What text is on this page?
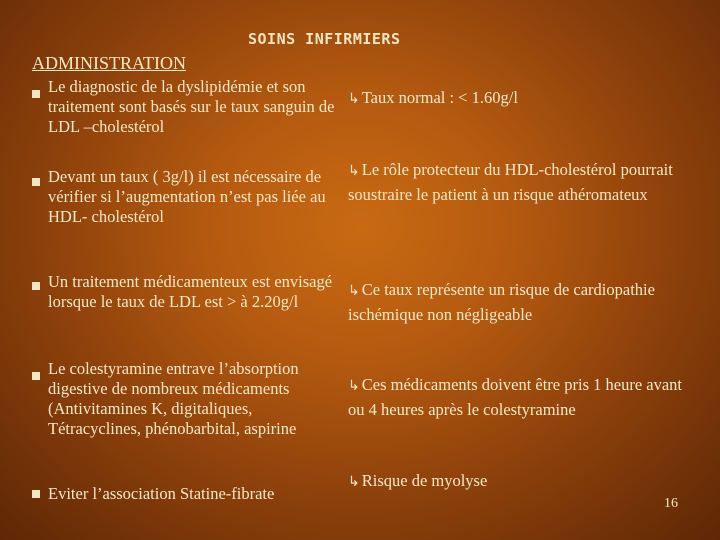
SOINS INFIRMIERS
ADMINISTRATION
Le diagnostic de la dyslipidémie et son traitement sont basés sur le taux sanguin de LDL –cholestérol
↳ Taux normal : < 1.60g/l
Devant un taux ( 3g/l) il est nécessaire de vérifier si l’augmentation n’est pas liée au HDL- cholestérol
↳ Le rôle protecteur du HDL-cholestérol pourrait soustraire le patient à un risque athéromateux
Un traitement médicamenteux est envisagé lorsque le taux de LDL est > à 2.20g/l
↳ Ce taux représente un risque de cardiopathie ischémique non négligeable
Le colestyramine entrave l’absorption digestive de nombreux médicaments (Antivitamines K, digitaliques, Tétracyclines, phénobarbital, aspirine
↳ Ces médicaments doivent être pris 1 heure avant ou 4 heures après le colestyramine
Eviter l’association Statine-fibrate
↳ Risque de myolyse
16
